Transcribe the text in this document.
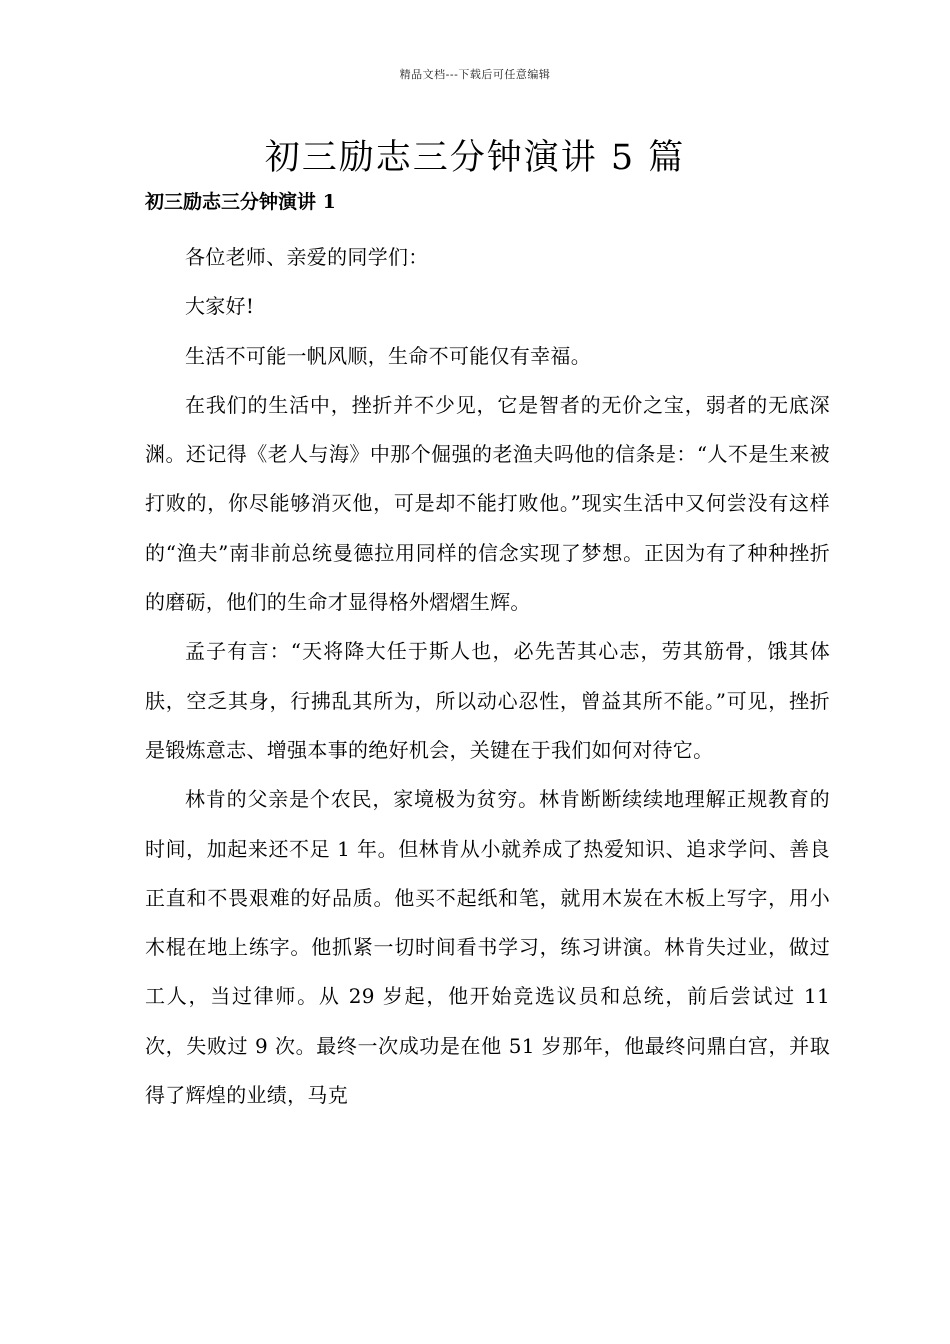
精品文档---下载后可任意编辑
初三励志三分钟演讲 5 篇
初三励志三分钟演讲 1

各位老师、亲爱的同学们：

大家好!

生活不可能一帆风顺，生命不可能仅有幸福。

在我们的生活中，挫折并不少见，它是智者的无价之宝，弱者的无底深渊。还记得《老人与海》中那个倔强的老渔夫吗他的信条是：“人不是生来被打败的，你尽能够消灭他，可是却不能打败他。”现实生活中又何尝没有这样的“渔夫”南非前总统曼德拉用同样的信念实现了梦想。正因为有了种种挫折的磨砺，他们的生命才显得格外熠熠生辉。

孟子有言：“天将降大任于斯人也，必先苦其心志，劳其筋骨，饿其体肤，空乏其身，行拂乱其所为，所以动心忍性，曾益其所不能。”可见，挫折是锻炼意志、增强本事的绝好机会，关键在于我们如何对待它。

林肯的父亲是个农民，家境极为贫穷。林肯断断续续地理解正规教育的时间，加起来还不足 1 年。但林肯从小就养成了热爱知识、追求学问、善良正直和不畏艰难的好品质。他买不起纸和笔，就用木炭在木板上写字，用小木棍在地上练字。他抓紧一切时间看书学习，练习讲演。林肯失过业，做过工人，当过律师。从 29 岁起，他开始竞选议员和总统，前后尝试过 11 次，失败过 9 次。最终一次成功是在他 51 岁那年，他最终问鼎白宫，并取得了辉煌的业绩，马克
